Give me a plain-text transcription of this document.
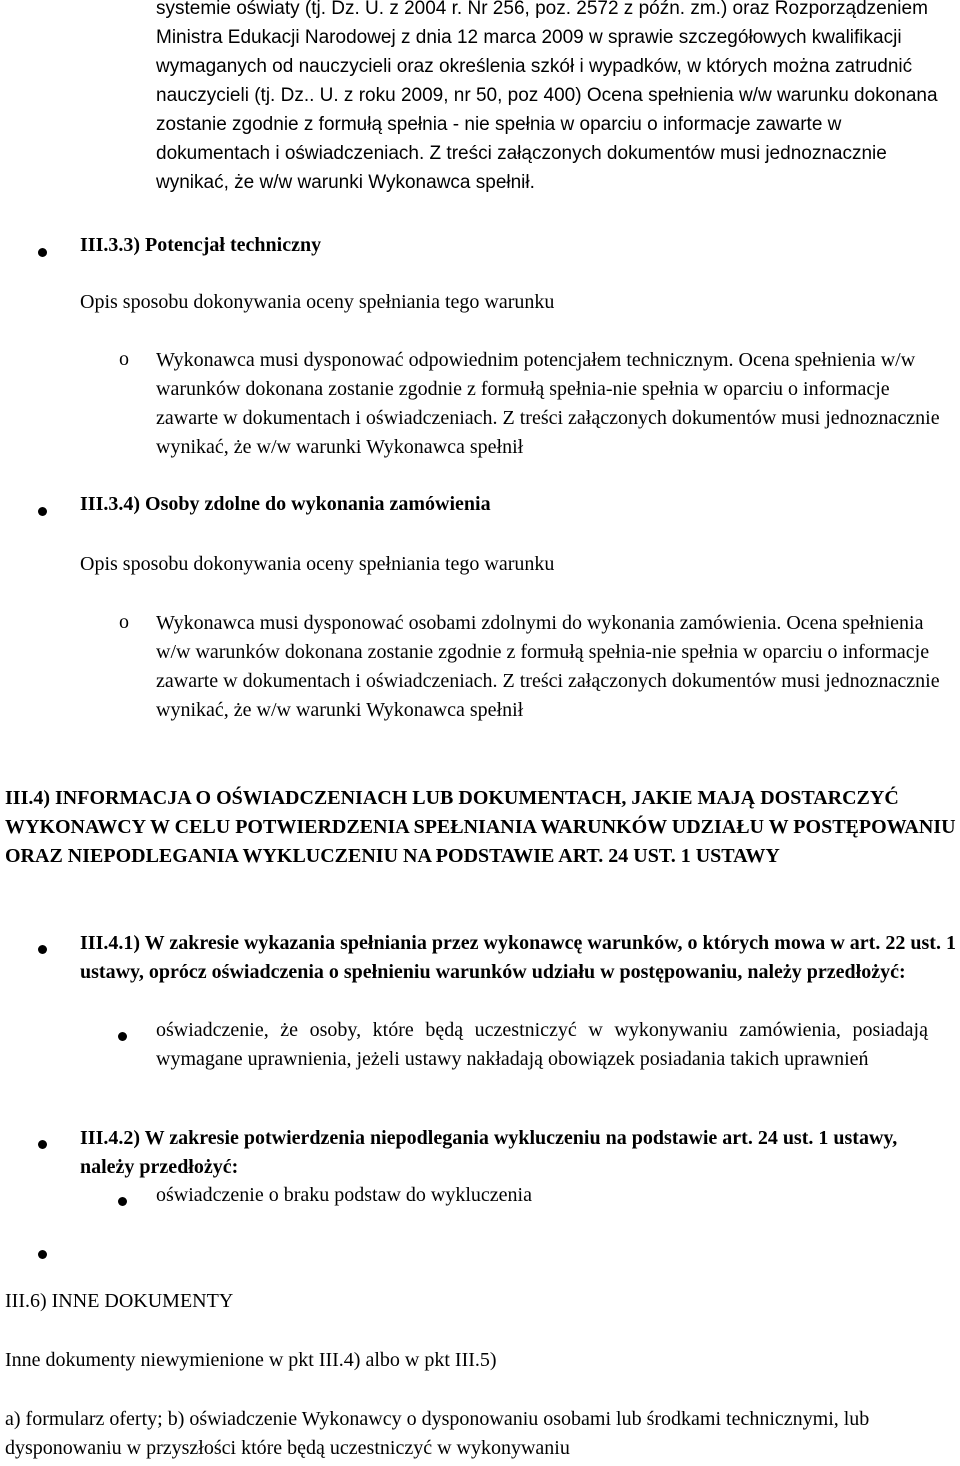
systemie oświaty (tj. Dz. U. z 2004 r. Nr 256, poz. 2572 z późn. zm.) oraz Rozporządzeniem Ministra Edukacji Narodowej z dnia 12 marca 2009 w sprawie szczegółowych kwalifikacji wymaganych od nauczycieli oraz określenia szkół i wypadków, w których można zatrudnić nauczycieli (tj. Dz.. U. z roku 2009, nr 50, poz 400) Ocena spełnienia w/w warunku dokonana zostanie zgodnie z formułą spełnia - nie spełnia w oparciu o informacje zawarte w dokumentach i oświadczeniach. Z treści załączonych dokumentów musi jednoznacznie wynikać, że w/w warunki Wykonawca spełnił.

III.3.3) Potencjał techniczny

Opis sposobu dokonywania oceny spełniania tego warunku

o Wykonawca musi dysponować odpowiednim potencjałem technicznym. Ocena spełnienia w/w warunków dokonana zostanie zgodnie z formułą spełnia-nie spełnia w oparciu o informacje zawarte w dokumentach i oświadczeniach. Z treści załączonych dokumentów musi jednoznacznie wynikać, że w/w warunki Wykonawca spełnił

III.3.4) Osoby zdolne do wykonania zamówienia

Opis sposobu dokonywania oceny spełniania tego warunku

o Wykonawca musi dysponować osobami zdolnymi do wykonania zamówienia. Ocena spełnienia w/w warunków dokonana zostanie zgodnie z formułą spełnia-nie spełnia w oparciu o informacje zawarte w dokumentach i oświadczeniach. Z treści załączonych dokumentów musi jednoznacznie wynikać, że w/w warunki Wykonawca spełnił

III.4) INFORMACJA O OŚWIADCZENIACH LUB DOKUMENTACH, JAKIE MAJĄ DOSTARCZYĆ WYKONAWCY W CELU POTWIERDZENIA SPEŁNIANIA WARUNKÓW UDZIAŁU W POSTĘPOWANIU ORAZ NIEPODLEGANIA WYKLUCZENIU NA PODSTAWIE ART. 24 UST. 1 USTAWY

III.4.1) W zakresie wykazania spełniania przez wykonawcę warunków, o których mowa w art. 22 ust. 1 ustawy, oprócz oświadczenia o spełnieniu warunków udziału w postępowaniu, należy przedłożyć:

oświadczenie, że osoby, które będą uczestniczyć w wykonywaniu zamówienia, posiadają wymagane uprawnienia, jeżeli ustawy nakładają obowiązek posiadania takich uprawnień

III.4.2) W zakresie potwierdzenia niepodlegania wykluczeniu na podstawie art. 24 ust. 1 ustawy, należy przedłożyć:

oświadczenie o braku podstaw do wykluczenia

III.6) INNE DOKUMENTY

Inne dokumenty niewymienione w pkt III.4) albo w pkt III.5)

a) formularz oferty; b) oświadczenie Wykonawcy o dysponowaniu osobami lub środkami technicznymi, lub dysponowaniu w przyszłości które będą uczestniczyć w wykonywaniu
